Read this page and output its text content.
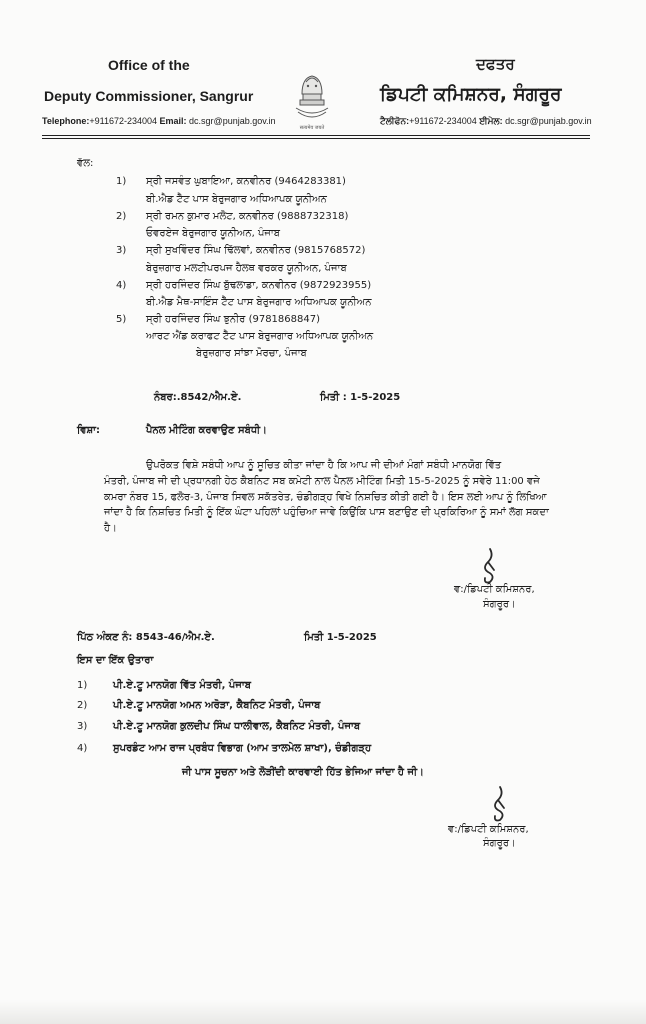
Office of the
Deputy Commissioner, Sangrur
ਦਫਤਰ
ਡਿਪਟੀ ਕਮਿਸ਼ਨਰ, ਸੰਗਰੂਰ
सत्यमेव जयते
Telephone:+911672-234004 Email: dc.sgr@punjab.gov.in	ਟੈਲੀਫੋਨ:+911672-234004 ਈਮੇਲ: dc.sgr@punjab.gov.in
ਵੱਲ:
1) ਸ੍ਰੀ ਜਸਵੰਤ ਘੁਬਾਇਆ, ਕਨਵੀਨਰ (9464283381)
ਬੀ.ਐਡ ਟੈੱਟ ਪਾਸ ਬੇਰੁਜਗਾਰ ਅਧਿਆਪਕ ਯੂਨੀਅਨ
2) ਸ੍ਰੀ ਰਮਨ ਕੁਮਾਰ ਮਲੋਟ, ਕਨਵੀਨਰ (9888732318)
ਓਵਰਏਜ ਬੇਰੁਜਗਾਰ ਯੂਨੀਅਨ, ਪੰਜਾਬ
3) ਸ੍ਰੀ ਸੁਖਵਿੰਦਰ ਸਿੰਘ ਢਿੱਲਵਾਂ, ਕਨਵੀਨਰ (9815768572)
ਬੇਰੁਜ਼ਗਾਰ ਮਲਟੀਪਰਪਜ ਹੈਲਥ ਵਰਕਰ ਯੂਨੀਅਨ, ਪੰਜਾਬ
4) ਸ੍ਰੀ ਹਰਜਿੰਦਰ ਸਿੰਘ ਬੁੱਢਲਾਡਾ, ਕਨਵੀਨਰ (9872923955)
ਬੀ.ਐਡ ਮੈਥ-ਸਾਇੰਸ ਟੈੱਟ ਪਾਸ ਬੇਰੁਜਗਾਰ ਅਧਿਆਪਕ ਯੂਨੀਅਨ
5) ਸ੍ਰੀ ਹਰਜਿੰਦਰ ਸਿੰਘ ਝੁਨੀਰ (9781868847)
ਆਰਟ ਐਂਡ ਕਰਾਫਟ ਟੈੱਟ ਪਾਸ ਬੇਰੁਜਗਾਰ ਅਧਿਆਪਕ ਯੂਨੀਅਨ
ਬੇਰੁਜ਼ਗਾਰ ਸਾਂਝਾ ਮੋਰਚਾ, ਪੰਜਾਬ
ਨੰਬਰ:.8542/ਐਮ.ਏ.	ਮਿਤੀ : 1-5-2025
ਵਿਸ਼ਾ:	ਪੈਨਲ ਮੀਟਿੰਗ ਕਰਵਾਉਣ ਸਬੰਧੀ।
ਉਪਰੋਕਤ ਵਿਸ਼ੇ ਸਬੰਧੀ ਆਪ ਨੂੰ ਸੂਚਿਤ ਕੀਤਾ ਜਾਂਦਾ ਹੈ ਕਿ ਆਪ ਜੀ ਦੀਆਂ ਮੰਗਾਂ ਸਬੰਧੀ ਮਾਨਯੋਗ ਵਿੱਤ
ਮੰਤਰੀ, ਪੰਜਾਬ ਜੀ ਦੀ ਪ੍ਰਧਾਨਗੀ ਹੇਠ ਕੈਬਨਿਟ ਸਬ ਕਮੇਟੀ ਨਾਲ ਪੈਨਲ ਮੀਟਿੰਗ ਮਿਤੀ 15-5-2025 ਨੂੰ ਸਵੇਰੇ 11:00 ਵਜੇ
ਕਮਰਾ ਨੰਬਰ 15, ਫਲੋਰ-3, ਪੰਜਾਬ ਸਿਵਲ ਸਕੱਤਰੇਤ, ਚੰਡੀਗੜ੍ਹ ਵਿਖੇ ਨਿਸ਼ਚਿਤ ਕੀਤੀ ਗਈ ਹੈ। ਇਸ ਲਈ ਆਪ ਨੂੰ ਲਿਖਿਆ
ਜਾਂਦਾ ਹੈ ਕਿ ਨਿਸ਼ਚਿਤ ਮਿਤੀ ਨੂੰ ਇੱਕ ਘੰਟਾ ਪਹਿਲਾਂ ਪਹੁੰਚਿਆ ਜਾਵੇ ਕਿਉਂਕਿ ਪਾਸ ਬਣਾਉਣ ਦੀ ਪ੍ਰਕਿਰਿਆ ਨੂੰ ਸਮਾਂ ਲੱਗ ਸਕਦਾ
ਹੈ।
ਵ:/ਡਿਪਟੀ ਕਮਿਸ਼ਨਰ,
ਸੰਗਰੂਰ।
ਪਿੱਠ ਅੰਕਣ ਨੰ: 8543-46/ਐਮ.ਏ.	ਮਿਤੀ 1-5-2025
ਇਸ ਦਾ ਇੱਕ ਉਤਾਰਾ
1)	ਪੀ.ਏ.ਟੂ ਮਾਨਯੋਗ ਵਿੱਤ ਮੰਤਰੀ, ਪੰਜਾਬ
2)	ਪੀ.ਏ.ਟੂ ਮਾਨਯੋਗ ਅਮਨ ਅਰੋੜਾ, ਕੈਬਨਿਟ ਮੰਤਰੀ, ਪੰਜਾਬ
3)	ਪੀ.ਏ.ਟੂ ਮਾਨਯੋਗ ਕੁਲਦੀਪ ਸਿੰਘ ਧਾਲੀਵਾਲ, ਕੈਬਨਿਟ ਮੰਤਰੀ, ਪੰਜਾਬ
4)	ਸੁਪਰਡੰਟ ਆਮ ਰਾਜ ਪ੍ਰਬੰਧ ਵਿਭਾਗ (ਆਮ ਤਾਲਮੇਲ ਸ਼ਾਖਾ), ਚੰਡੀਗੜ੍ਹ
ਜੀ ਪਾਸ ਸੂਚਨਾ ਅਤੇ ਲੋੜੀਂਦੀ ਕਾਰਵਾਈ ਹਿੱਤ ਭੇਜਿਆ ਜਾਂਦਾ ਹੈ ਜੀ।
ਵ:/ਡਿਪਟੀ ਕਮਿਸ਼ਨਰ,
ਸੰਗਰੂਰ।
